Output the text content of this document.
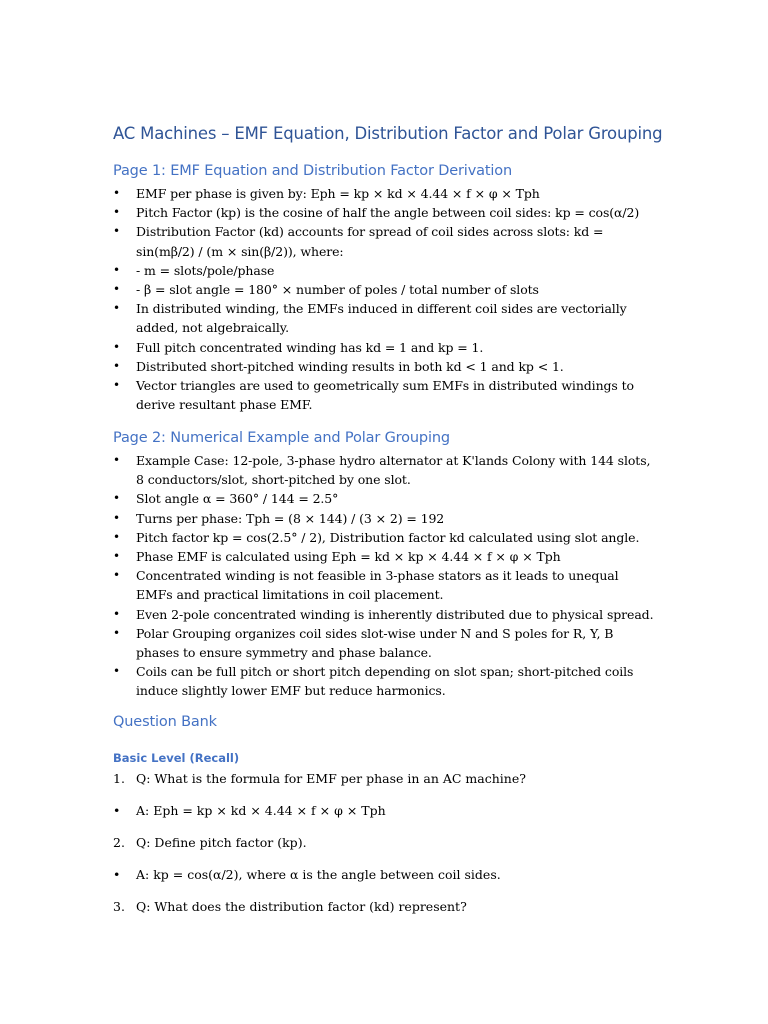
AC Machines – EMF Equation, Distribution Factor and Polar Grouping
Page 1: EMF Equation and Distribution Factor Derivation
• EMF per phase is given by: Eph = kp × kd × 4.44 × f × φ × Tph
• Pitch Factor (kp) is the cosine of half the angle between coil sides: kp = cos(α/2)
• Distribution Factor (kd) accounts for spread of coil sides across slots: kd = sin(mβ/2) / (m × sin(β/2)), where:
• - m = slots/pole/phase
• - β = slot angle = 180° × number of poles / total number of slots
• In distributed winding, the EMFs induced in different coil sides are vectorially added, not algebraically.
• Full pitch concentrated winding has kd = 1 and kp = 1.
• Distributed short-pitched winding results in both kd < 1 and kp < 1.
• Vector triangles are used to geometrically sum EMFs in distributed windings to derive resultant phase EMF.
Page 2: Numerical Example and Polar Grouping
• Example Case: 12-pole, 3-phase hydro alternator at K'lands Colony with 144 slots, 8 conductors/slot, short-pitched by one slot.
• Slot angle α = 360° / 144 = 2.5°
• Turns per phase: Tph = (8 × 144) / (3 × 2) = 192
• Pitch factor kp = cos(2.5° / 2), Distribution factor kd calculated using slot angle.
• Phase EMF is calculated using Eph = kd × kp × 4.44 × f × φ × Tph
• Concentrated winding is not feasible in 3-phase stators as it leads to unequal EMFs and practical limitations in coil placement.
• Even 2-pole concentrated winding is inherently distributed due to physical spread.
• Polar Grouping organizes coil sides slot-wise under N and S poles for R, Y, B phases to ensure symmetry and phase balance.
• Coils can be full pitch or short pitch depending on slot span; short-pitched coils induce slightly lower EMF but reduce harmonics.
Question Bank
Basic Level (Recall)
1. Q: What is the formula for EMF per phase in an AC machine?
• A: Eph = kp × kd × 4.44 × f × φ × Tph
2. Q: Define pitch factor (kp).
• A: kp = cos(α/2), where α is the angle between coil sides.
3. Q: What does the distribution factor (kd) represent?
